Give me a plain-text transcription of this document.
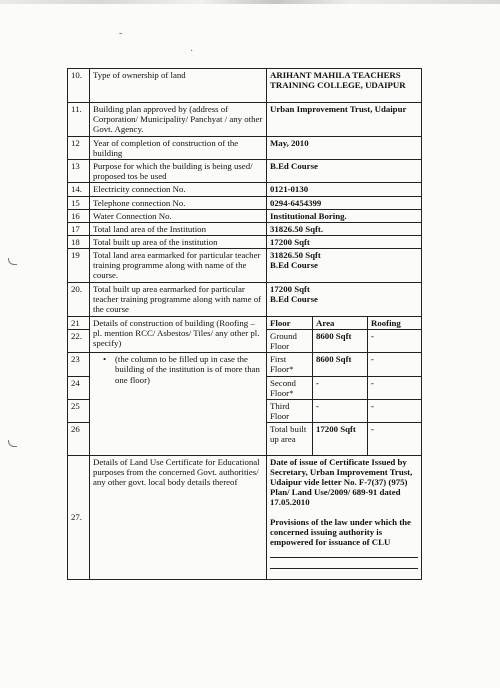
-
·
10.	Type of ownership of land	ARIHANT MAHILA TEACHERS TRAINING COLLEGE, UDAIPUR		
11.	Building plan approved by (address of Corporation/ Municipality/ Panchyat / any other Govt. Agency.	Urban Improvement Trust, Udaipur		
12	Year of completion of construction of the building	May, 2010		
13	Purpose for which the building is being used/ proposed tos be used	B.Ed Course		
14.	Electricity connection No.	0121-0130		
15	Telephone connection No.	0294-6454399		
16	Water Connection No.	Institutional Boring.		
17	Total land area of the Institution	31826.50 Sqft.		
18	Total built up area of the institution	17200 Sqft		
19	Total land area earmarked for particular teacher training programme along with name of the course.	31826.50 Sqft
B.Ed Course		

20.	Total built up area earmarked for particular teacher training programme along with name of the course	17200 Sqft
B.Ed Course		

21	Details of construction of building (Roofing –pl. mention RCC/ Asbestos/ Tiles/ any other pl. specify)	Floor	Area	Roofing
22.		Ground Floor	8600 Sqft	-
23	• (the column to be filled up in case the building of the institution is of more than one floor)	First Floor*	8600 Sqft	-
24		Second Floor*	-	-
25		Third Floor	-	-
26		Total built up area	17200 Sqft	-
27.	Details of Land Use Certificate for Educational purposes from the concerned Govt. authorities/ any other govt. local body details thereof	Date of issue of Certificate Issued by Secretary, Urban Improvement Trust, Udaipur vide letter No. F-7(37) (975) Plan/ Land Use/2009/ 689-91 dated 17.05.2010
Provisions of the law under which the concerned issuing authority is empowered for issuance of CLU		
